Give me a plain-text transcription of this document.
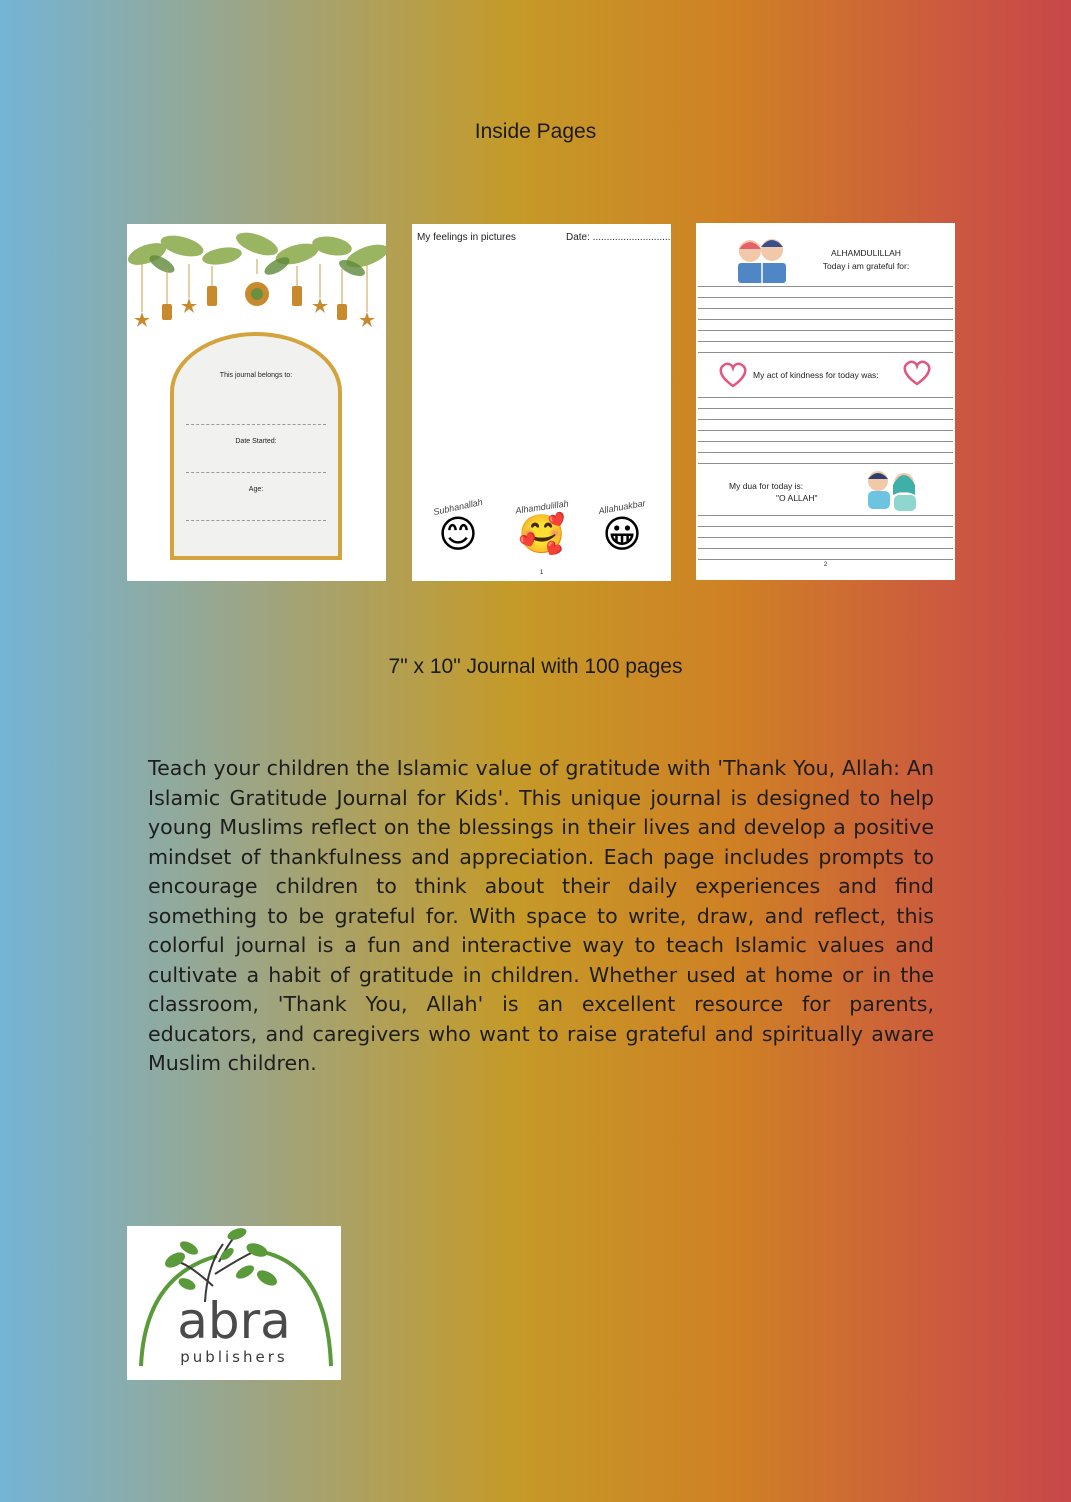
Inside Pages
This journal belongs to:
Date Started:
Age:
My feelings in pictures	Date: ............................
Subhanallah
😊
Alhamdulillah
🥰
Allahuakbar
😀
1
ALHAMDULILLAH
Today i am grateful for:
My act of kindness for today was:
My dua for today is:
"O ALLAH"
2
7" x 10" Journal with 100 pages

Teach your children the Islamic value of gratitude with 'Thank You, Allah: An Islamic Gratitude Journal for Kids'. This unique journal is designed to help young Muslims reflect on the blessings in their lives and develop a positive mindset of thankfulness and appreciation. Each page includes prompts to encourage children to think about their daily experiences and find something to be grateful for. With space to write, draw, and reflect, this colorful journal is a fun and interactive way to teach Islamic values and cultivate a habit of gratitude in children. Whether used at home or in the classroom, 'Thank You, Allah' is an excellent resource for parents, educators, and caregivers who want to raise grateful and spiritually aware Muslim children.

abra
publishers
